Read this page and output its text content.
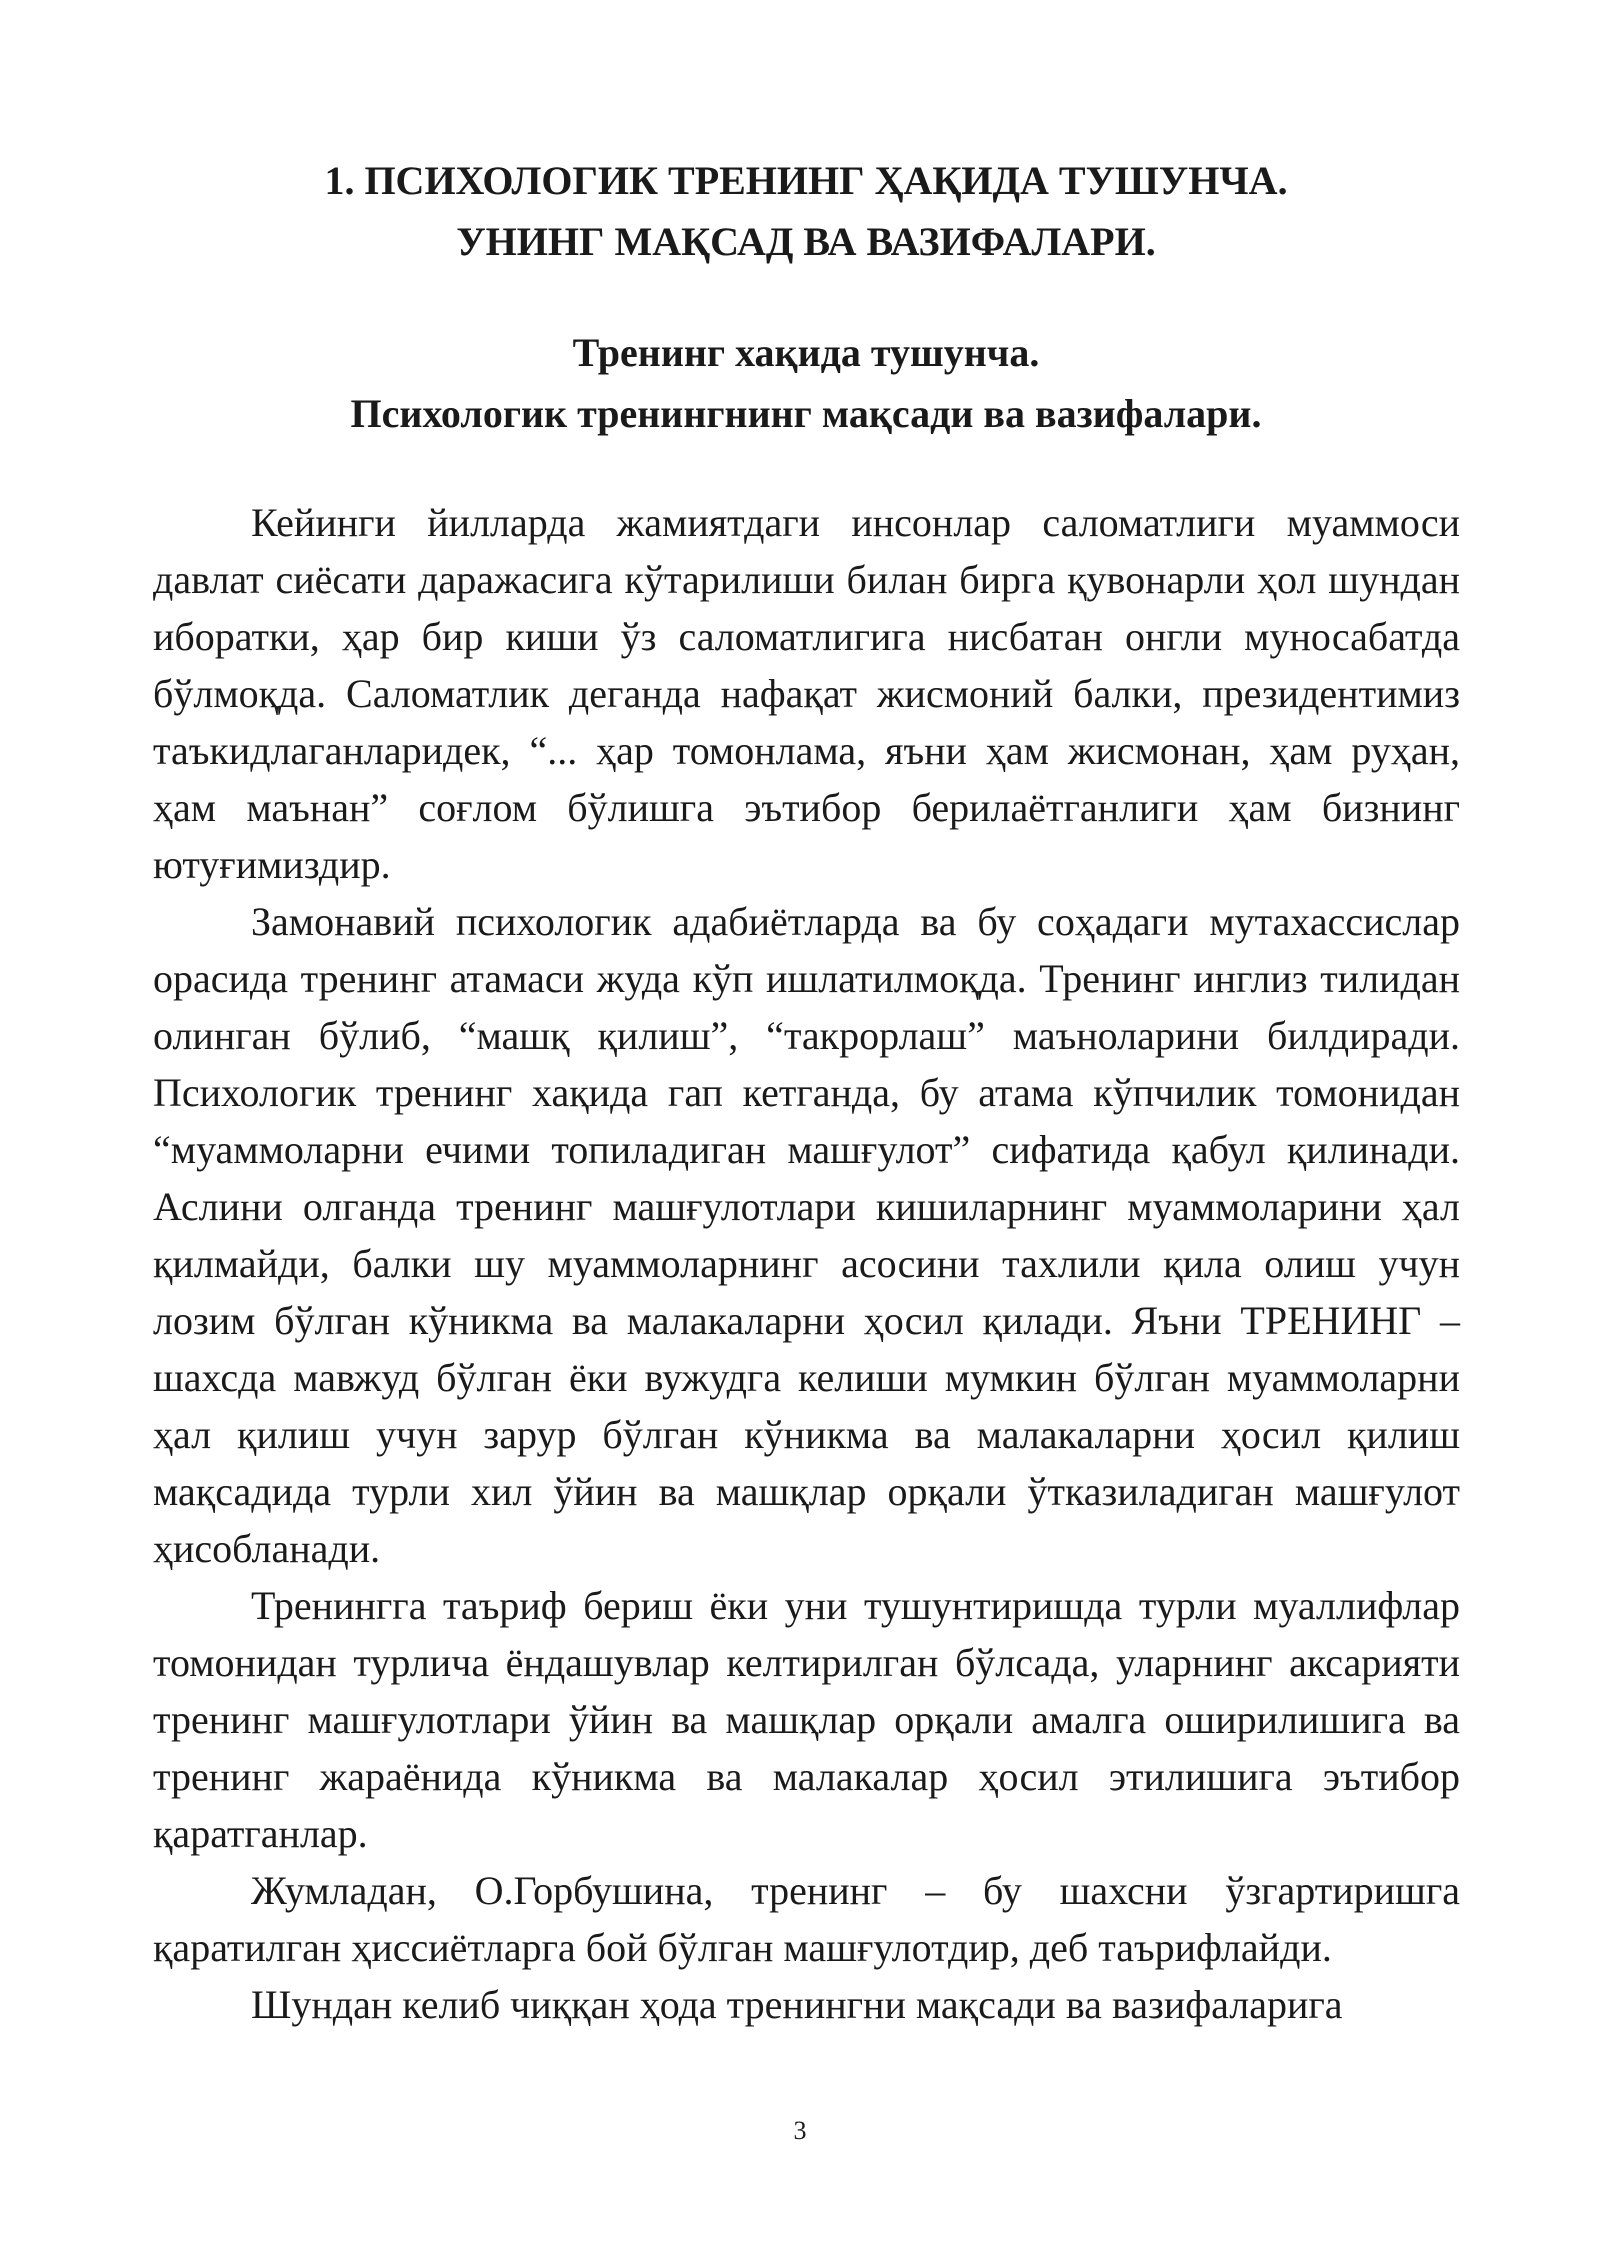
1. ПСИХОЛОГИК ТРЕНИНГ ҲАҚИДА ТУШУНЧА.
УНИНГ МАҚСАД ВА ВАЗИФАЛАРИ.
Тренинг хақида тушунча.
Психологик тренингнинг мақсади ва вазифалари.

Кейинги йилларда жамиятдаги инсонлар саломатлиги муаммоси давлат сиёсати даражасига кўтарилиши билан бирга қувонарли ҳол шундан иборатки, ҳар бир киши ўз саломатлигига нисбатан онгли муносабатда бўлмоқда. Саломатлик деганда нафақат жисмоний балки, президентимиз таъкидлаганларидек, “... ҳар томонлама, яъни ҳам жисмонан, ҳам руҳан, ҳам маънан” соғлом бўлишга эътибор берилаётганлиги ҳам бизнинг ютуғимиздир.

Замонавий психологик адабиётларда ва бу соҳадаги мутахассислар орасида тренинг атамаси жуда кўп ишлатилмоқда. Тренинг инглиз тилидан олинган бўлиб, “машқ қилиш”, “такрорлаш” маъноларини билдиради. Психологик тренинг хақида гап кетганда, бу атама кўпчилик томонидан “муаммоларни ечими топиладиган машғулот” сифатида қабул қилинади. Аслини олганда тренинг машғулотлари кишиларнинг муаммоларини ҳал қилмайди, балки шу муаммоларнинг асосини тахлили қила олиш учун лозим бўлган кўникма ва малакаларни ҳосил қилади. Яъни ТРЕНИНГ – шахсда мавжуд бўлган ёки вужудга келиши мумкин бўлган муаммоларни ҳал қилиш учун зарур бўлган кўникма ва малакаларни ҳосил қилиш мақсадида турли хил ўйин ва машқлар орқали ўтказиладиган машғулот ҳисобланади.

Тренингга таъриф бериш ёки уни тушунтиришда турли муаллифлар томонидан турлича ёндашувлар келтирилган бўлсада, уларнинг аксарияти тренинг машғулотлари ўйин ва машқлар орқали амалга оширилишига ва тренинг жараёнида кўникма ва малакалар ҳосил этилишига эътибор қаратганлар.

Жумладан, О.Горбушина, тренинг – бу шахсни ўзгартиришга қаратилган ҳиссиётларга бой бўлган машғулотдир, деб таърифлайди.

Шундан келиб чиққан ҳода тренингни мақсади ва вазифаларига

3
